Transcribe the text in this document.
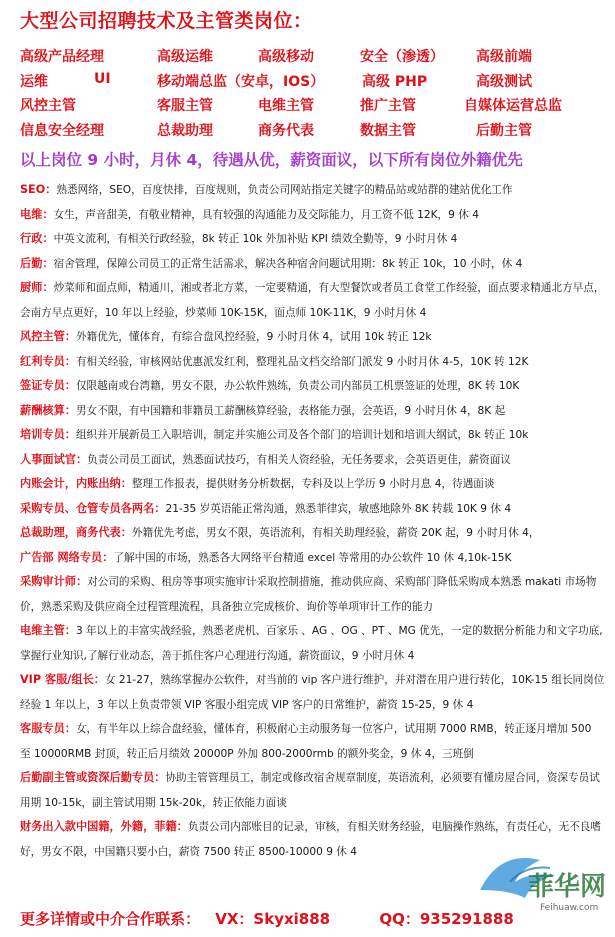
大型公司招聘技术及主管类岗位：
高级产品经理	高级运维	高级移动	安全（渗透） 高级前端
运维	UI	移动端总监（安卓，IOS）	高级 PHP	高级测试
风控主管	客服主管	电维主管	推广主管	自媒体运营总监
信息安全经理	总裁助理	商务代表	数据主管	后勤主管
以上岗位 9 小时，月休 4，待遇从优，薪资面议，以下所有岗位外籍优先

SEO：熟悉网络，SEO，百度快排，百度规则，负责公司网站指定关键字的精品站或站群的建站优化工作

电维：女生，声音甜美，有敬业精神，具有较强的沟通能力及交际能力，月工资不低 12K，9 休 4

行政：中英文流利，有相关行政经验，8k 转正 10k 外加补贴 KPI 绩效全勤等，9 小时月休 4

后勤：宿舍管理，保障公司员工的正常生活需求，解决各种宿舍问题试用期：8k 转正 10k，10 小时，休 4

厨师：炒菜师和面点师，精通川，湘或者北方菜，一定要精通，有大型餐饮或者员工食堂工作经验，面点要求精通北方早点，会南方早点更好，10 年以上经验，炒菜师 10K-15K，面点师 10K-11K，9 小时月休 4

风控主管：外籍优先，懂体育，有综合盘风控经验，9 小时月休 4，试用 10k 转正 12k

红利专员：有相关经验，审核网站优惠派发红利，整理礼品文档交给部门派发 9 小时月休 4-5，10K 转 12K

签证专员：仅限越南或台湾籍，男女不限，办公软件熟练，负责公司内部员工机票签证的处理，8K 转 10K

薪酬核算：男女不限，有中国籍和菲籍员工薪酬核算经验，表格能力强，会英语，9 小时月休 4，8K 起

培训专员：组织并开展新员工入职培训，制定并实施公司及各个部门的培训计划和培训大纲试，8k 转正 10k

人事面试官：负责公司员工面试，熟悉面试技巧，有相关人资经验，无任务要求，会英语更佳，薪资面议

内账会计，内账出纳：整理工作报表，提供财务分析数据，专科及以上学历 9 小时月息 4，待遇面谈

采购专员、仓管专员各两名：21-35 岁英语能正常沟通，熟悉菲律宾，敏感地除外 8K 转载 10K 9 休 4

总裁助理，商务代表：外籍优先考虑，男女不限，英语流利，有相关助理经验，薪资 20K 起，9 小时月休 4，

广告部 网络专员：了解中国的市场，熟悉各大网络平台精通 excel 等常用的办公软件 10 休 4,10k-15K

采购审计师：对公司的采购、租房等事项实施审计采取控制措施，推动供应商、采购部门降低采购成本熟悉 makati 市场物价，熟悉采购及供应商全过程管理流程，具备独立完成核价、询价等单项审计工作的能力

电维主管：3 年以上的丰富实战经验，熟悉老虎机、百家乐 、AG 、OG 、PT 、MG 优先，一定的数据分析能力和文字功底,掌握行业知识,了解行业动态，善于抓住客户心理进行沟通，薪资面议，9 小时月休 4

VIP 客服/组长：女 21-27，熟练掌握办公软件，对当前的 vip 客户进行维护，并对潜在用户进行转化，10K-15 组长同岗位经验 1 年以上，3 年以上负责带领 VIP 客服小组完成 VIP 客户的日常维护，薪资 15-25，9 休 4

客服专员：女，有半年以上综合盘经验，懂体育，积极耐心主动服务每一位客户，试用期 7000 RMB，转正逐月增加 500 至 10000RMB 封顶，转正后月绩效 20000P 外加 800-2000rmb 的额外奖金，9 休 4，三班倒

后勤副主管或资深后勤专员：协助主管管理员工，制定或修改宿舍规章制度，英语流利，必须要有懂房屋合同，资深专员试用期 10-15k，副主管试用期 15k-20k，转正依能力面谈

财务出入款中国籍，外籍，菲籍：负责公司内部账目的记录，审核，有相关财务经验，电脑操作熟练，有责任心，无不良嗜好，男女不限，中国籍只要小白，薪资 7500 转正 8500-10000 9 休 4

菲华网
Feihuaw.com
更多详情或中介合作联系： VX：Skyxi888	QQ：935291888
